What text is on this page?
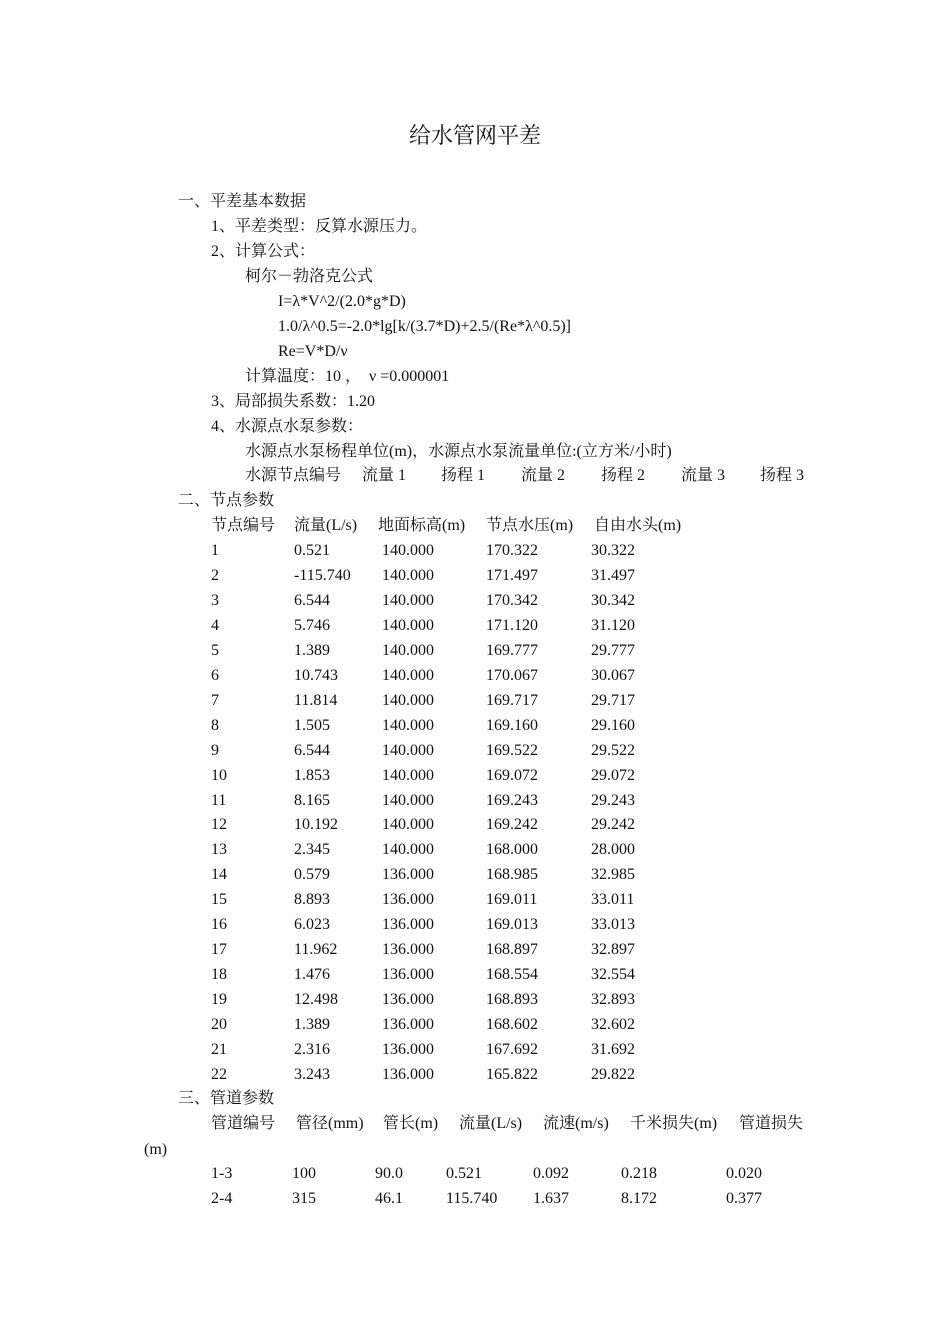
给水管网平差
一、平差基本数据
1、平差类型：反算水源压力。
2、计算公式：
柯尔－勃洛克公式
I=λ*V^2/(2.0*g*D)
1.0/λ^0.5=-2.0*lg[k/(3.7*D)+2.5/(Re*λ^0.5)]
Re=V*D/ν
计算温度：10 ，  ν =0.000001
3、局部损失系数：1.20
4、水源点水泵参数：
水源点水泵杨程单位(m)，水源点水泵流量单位:(立方米/小时)
水源节点编号 流量 1 扬程 1 流量 2 扬程 2 流量 3 扬程 3
二、节点参数
节点编号 流量(L/s) 地面标高(m) 节点水压(m) 自由水头(m)
1	0.521	140.000	170.322	30.322
2	-115.740 140.000	171.497	31.497
3	6.544	140.000	170.342	30.342
4	5.746	140.000	171.120	31.120
5	1.389	140.000	169.777	29.777
6	10.743	140.000	170.067	30.067
7	11.814	140.000	169.717	29.717
8	1.505	140.000	169.160	29.160
9	6.544	140.000	169.522	29.522
10	1.853	140.000	169.072	29.072
11	8.165	140.000	169.243	29.243
12	10.192	140.000	169.242	29.242
13	2.345	140.000	168.000	28.000
14	0.579	136.000	168.985	32.985
15	8.893	136.000	169.011	33.011
16	6.023	136.000	169.013	33.013
17	11.962	136.000	168.897	32.897
18	1.476	136.000	168.554	32.554
19	12.498	136.000	168.893	32.893
20	1.389	136.000	168.602	32.602
21	2.316	136.000	167.692	31.692
22	3.243	136.000	165.822	29.822
三、管道参数
管道编号 管径(mm) 管长(m) 流量(L/s) 流速(m/s) 千米损失(m) 管道损失
1-3	100	90.0	0.521	0.092	0.218	0.020
2-4	315	46.1	115.740 1.637	8.172	0.377
(m)
